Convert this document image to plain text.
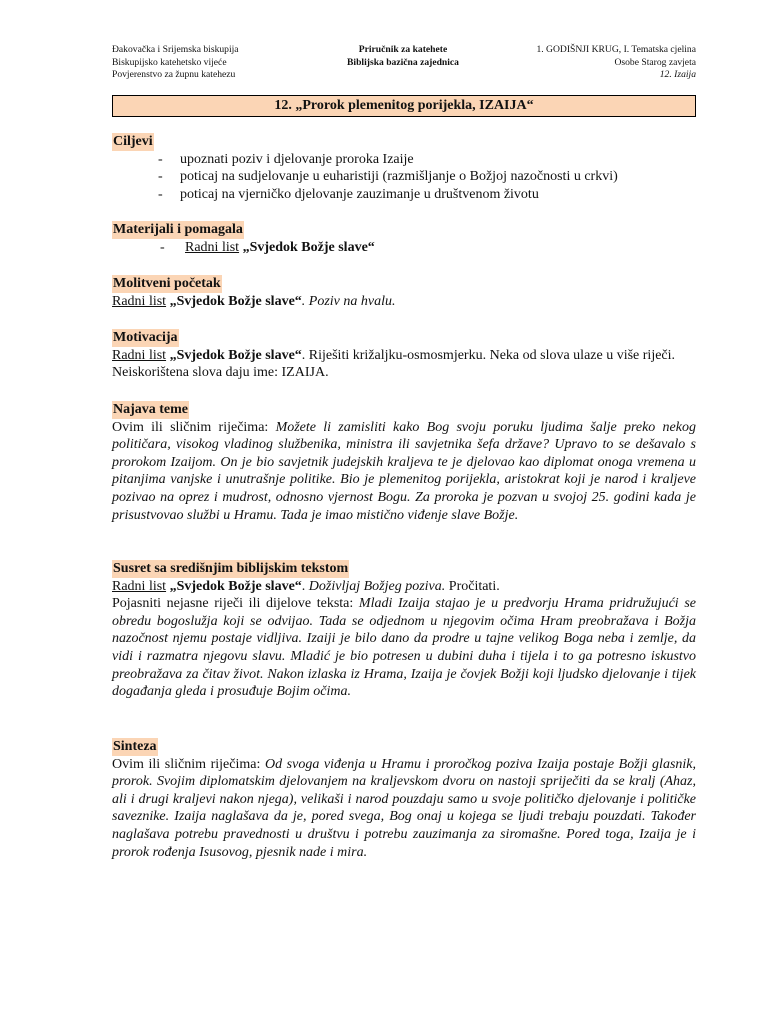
Đakovačka i Srijemska biskupija
Biskupijsko katehetsko vijeće
Povjerenstvo za župnu katehezu
Priručnik za katehete
Biblijska bazična zajednica
1. GODIŠNJI KRUG, I. Tematska cjelina
Osobe Starog zavjeta
12. Izaija
12. „Prorok plemenitog porijekla, IZAIJA“
Ciljevi
- upoznati poziv i djelovanje proroka Izaije
- poticaj na sudjelovanje u euharistiji (razmišljanje o Božjoj nazočnosti u crkvi)
- poticaj na vjerničko djelovanje zauzimanje u društvenom životu
Materijali i pomagala
- Radni list „Svjedok Božje slave“
Molitveni početak
Radni list „Svjedok Božje slave“. Poziv na hvalu.
Motivacija
Radni list „Svjedok Božje slave“. Riješiti križaljku-osmosmjerku. Neka od slova ulaze u više riječi. Neiskorištena slova daju ime: IZAIJA.
Najava teme
Ovim ili sličnim riječima: Možete li zamisliti kako Bog svoju poruku ljudima šalje preko nekog političara, visokog vladinog službenika, ministra ili savjetnika šefa države? Upravo to se dešavalo s prorokom Izaijom. On je bio savjetnik judejskih kraljeva te je djelovao kao diplomat onoga vremena u pitanjima vanjske i unutrašnje politike. Bio je plemenitog porijekla, aristokrat koji je narod i kraljeve pozivao na oprez i mudrost, odnosno vjernost Bogu. Za proroka je pozvan u svojoj 25. godini kada je prisustvovao službi u Hramu. Tada je imao mistično viđenje slave Božje.
Susret sa središnjim biblijskim tekstom
Radni list „Svjedok Božje slave“. Doživljaj Božjeg poziva. Pročitati.
Pojasniti nejasne riječi ili dijelove teksta: Mladi Izaija stajao je u predvorju Hrama pridružujući se obredu bogoslužja koji se odvijao. Tada se odjednom u njegovim očima Hram preobražava i Božja nazočnost njemu postaje vidljiva. Izaiji je bilo dano da prodre u tajne velikog Boga neba i zemlje, da vidi i razmatra njegovu slavu. Mladić je bio potresen u dubini duha i tijela i to ga potresno iskustvo preobražava za čitav život. Nakon izlaska iz Hrama, Izaija je čovjek Božji koji ljudsko djelovanje i tijek događanja gleda i prosuđuje Bojim očima.
Sinteza
Ovim ili sličnim riječima: Od svoga viđenja u Hramu i proročkog poziva Izaija postaje Božji glasnik, prorok. Svojim diplomatskim djelovanjem na kraljevskom dvoru on nastoji spriječiti da se kralj (Ahaz, ali i drugi kraljevi nakon njega), velikaši i narod pouzdaju samo u svoje političko djelovanje i političke saveznike. Izaija naglašava da je, pored svega, Bog onaj u kojega se ljudi trebaju pouzdati. Također naglašava potrebu pravednosti u društvu i potrebu zauzimanja za siromašne. Pored toga, Izaija je i prorok rođenja Isusovog, pjesnik nade i mira.
